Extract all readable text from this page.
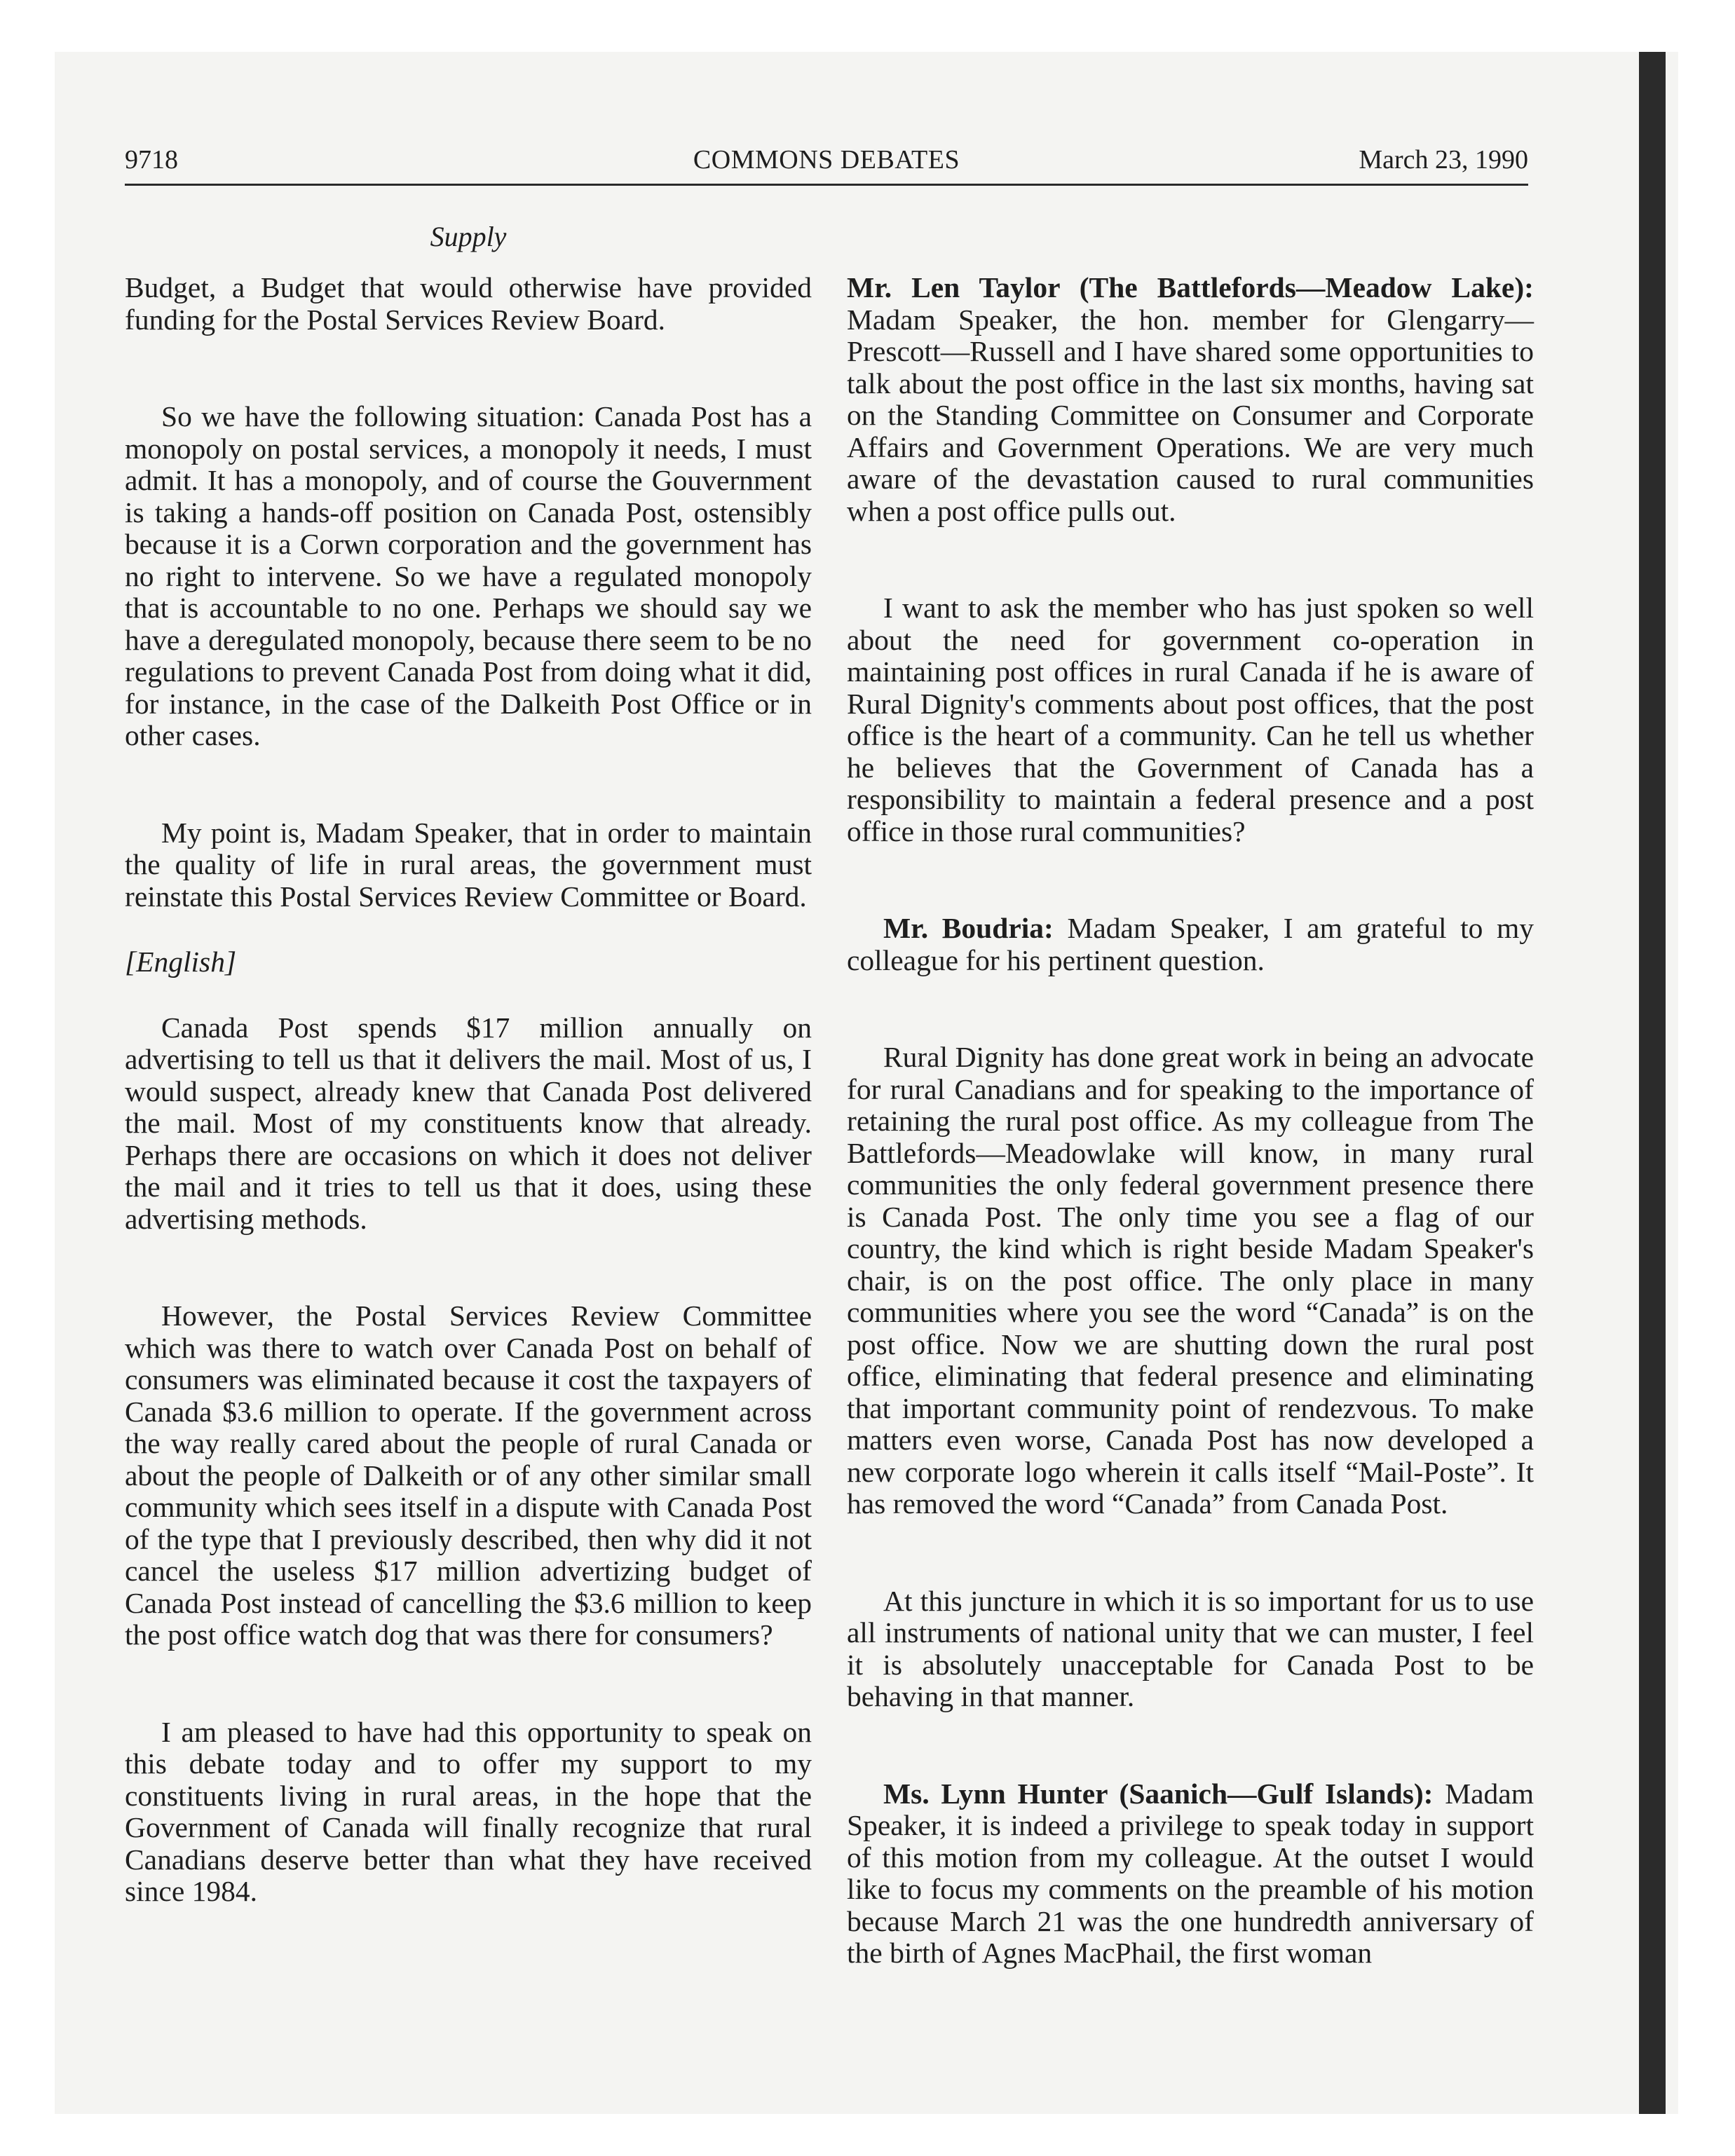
9718	COMMONS DEBATES	March 23, 1990
Supply

Budget, a Budget that would otherwise have provided funding for the Postal Services Review Board.

So we have the following situation: Canada Post has a monopoly on postal services, a monopoly it needs, I must admit. It has a monopoly, and of course the Gouvernment is taking a hands-off position on Canada Post, ostensibly because it is a Corwn corporation and the government has no right to intervene. So we have a regulated monopoly that is accountable to no one. Perhaps we should say we have a deregulated monopoly, because there seem to be no regulations to prevent Canada Post from doing what it did, for instance, in the case of the Dalkeith Post Office or in other cases.

My point is, Madam Speaker, that in order to maintain the quality of life in rural areas, the government must reinstate this Postal Services Review Committee or Board.

[English]

Canada Post spends $17 million annually on advertising to tell us that it delivers the mail. Most of us, I would suspect, already knew that Canada Post delivered the mail. Most of my constituents know that already. Perhaps there are occasions on which it does not deliver the mail and it tries to tell us that it does, using these advertising methods.

However, the Postal Services Review Committee which was there to watch over Canada Post on behalf of consumers was eliminated because it cost the taxpayers of Canada $3.6 million to operate. If the government across the way really cared about the people of rural Canada or about the people of Dalkeith or of any other similar small community which sees itself in a dispute with Canada Post of the type that I previously described, then why did it not cancel the useless $17 million advertizing budget of Canada Post instead of cancelling the $3.6 million to keep the post office watch dog that was there for consumers?

I am pleased to have had this opportunity to speak on this debate today and to offer my support to my constituents living in rural areas, in the hope that the Government of Canada will finally recognize that rural Canadians deserve better than what they have received since 1984.

Mr. Len Taylor (The Battlefords—Meadow Lake): Madam Speaker, the hon. member for Glengarry—Prescott—Russell and I have shared some opportunities to talk about the post office in the last six months, having sat on the Standing Committee on Consumer and Corporate Affairs and Government Operations. We are very much aware of the devastation caused to rural communities when a post office pulls out.

I want to ask the member who has just spoken so well about the need for government co-operation in maintaining post offices in rural Canada if he is aware of Rural Dignity's comments about post offices, that the post office is the heart of a community. Can he tell us whether he believes that the Government of Canada has a responsibility to maintain a federal presence and a post office in those rural communities?

Mr. Boudria: Madam Speaker, I am grateful to my colleague for his pertinent question.

Rural Dignity has done great work in being an advocate for rural Canadians and for speaking to the importance of retaining the rural post office. As my colleague from The Battlefords—Meadowlake will know, in many rural communities the only federal government presence there is Canada Post. The only time you see a flag of our country, the kind which is right beside Madam Speaker's chair, is on the post office. The only place in many communities where you see the word “Canada” is on the post office. Now we are shutting down the rural post office, eliminating that federal presence and eliminating that important community point of rendezvous. To make matters even worse, Canada Post has now developed a new corporate logo wherein it calls itself “Mail-Poste”. It has removed the word “Canada” from Canada Post.

At this juncture in which it is so important for us to use all instruments of national unity that we can muster, I feel it is absolutely unacceptable for Canada Post to be behaving in that manner.

Ms. Lynn Hunter (Saanich—Gulf Islands): Madam Speaker, it is indeed a privilege to speak today in support of this motion from my colleague. At the outset I would like to focus my comments on the preamble of his motion because March 21 was the one hundredth anniversary of the birth of Agnes MacPhail, the first woman
